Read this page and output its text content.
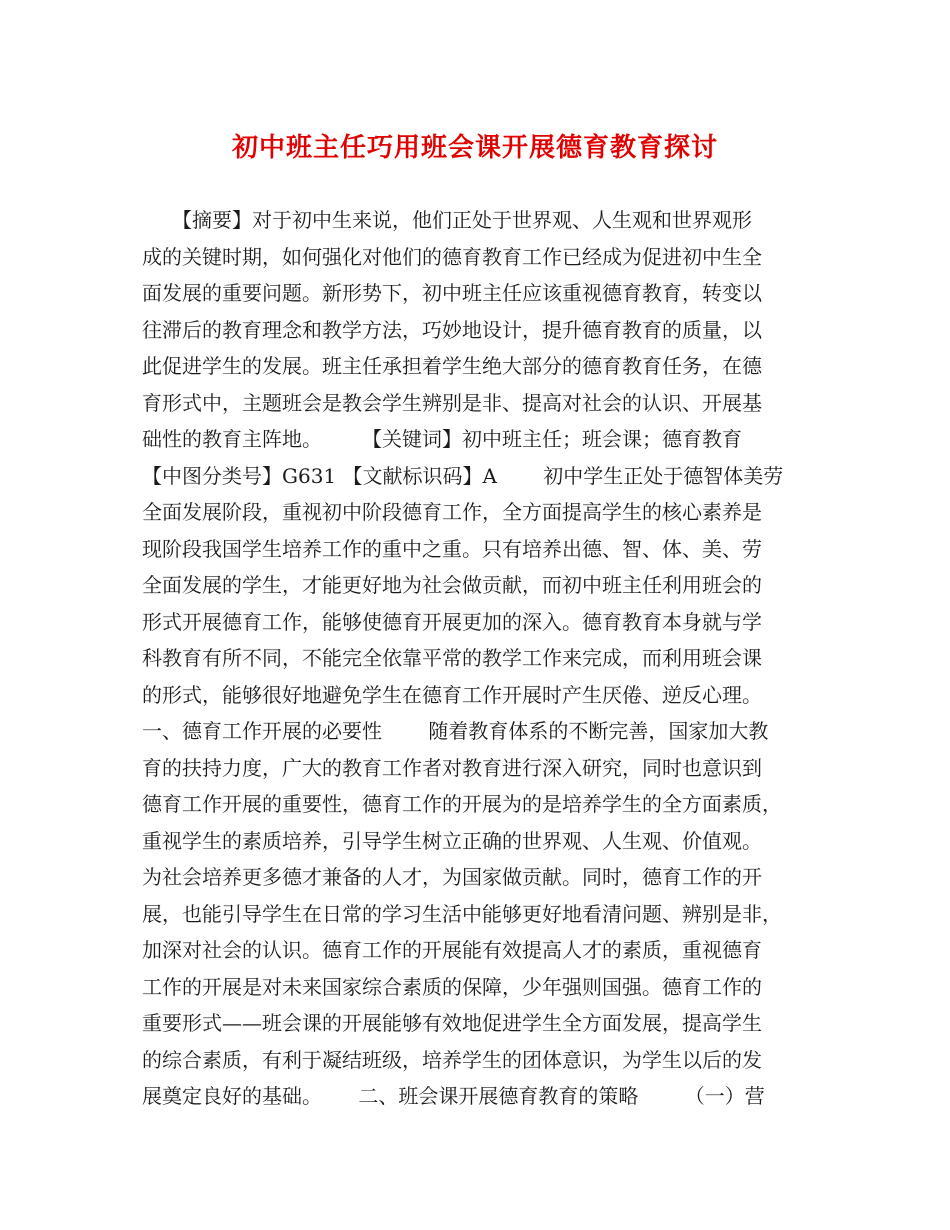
初中班主任巧用班会课开展德育教育探讨
　　【摘要】对于初中生来说，他们正处于世界观、人生观和世界观形
成的关键时期，如何强化对他们的德育教育工作已经成为促进初中生全
面发展的重要问题。新形势下，初中班主任应该重视德育教育，转变以
往滞后的教育理念和教学方法，巧妙地设计，提升德育教育的质量，以
此促进学生的发展。班主任承担着学生绝大部分的德育教育任务，在德
育形式中，主题班会是教会学生辨别是非、提高对社会的认识、开展基
础性的教育主阵地。　　　【关键词】初中班主任；班会课；德育教育
【中图分类号】G631 【文献标识码】A　　 初中学生正处于德智体美劳
全面发展阶段，重视初中阶段德育工作，全方面提高学生的核心素养是
现阶段我国学生培养工作的重中之重。只有培养出德、智、体、美、劳
全面发展的学生，才能更好地为社会做贡献，而初中班主任利用班会的
形式开展德育工作，能够使德育开展更加的深入。德育教育本身就与学
科教育有所不同，不能完全依靠平常的教学工作来完成，而利用班会课
的形式，能够很好地避免学生在德育工作开展时产生厌倦、逆反心理。
一、德育工作开展的必要性　　 随着教育体系的不断完善，国家加大教
育的扶持力度，广大的教育工作者对教育进行深入研究，同时也意识到
德育工作开展的重要性，德育工作的开展为的是培养学生的全方面素质，
重视学生的素质培养，引导学生树立正确的世界观、人生观、价值观。
为社会培养更多德才兼备的人才，为国家做贡献。同时，德育工作的开
展，也能引导学生在日常的学习生活中能够更好地看清问题、辨别是非，
加深对社会的认识。德育工作的开展能有效提高人才的素质，重视德育
工作的开展是对未来国家综合素质的保障，少年强则国强。德育工作的
重要形式——班会课的开展能够有效地促进学生全方面发展，提高学生
的综合素质，有利于凝结班级，培养学生的团体意识，为学生以后的发
展奠定良好的基础。　　 二、班会课开展德育教育的策略　　 （一）营
